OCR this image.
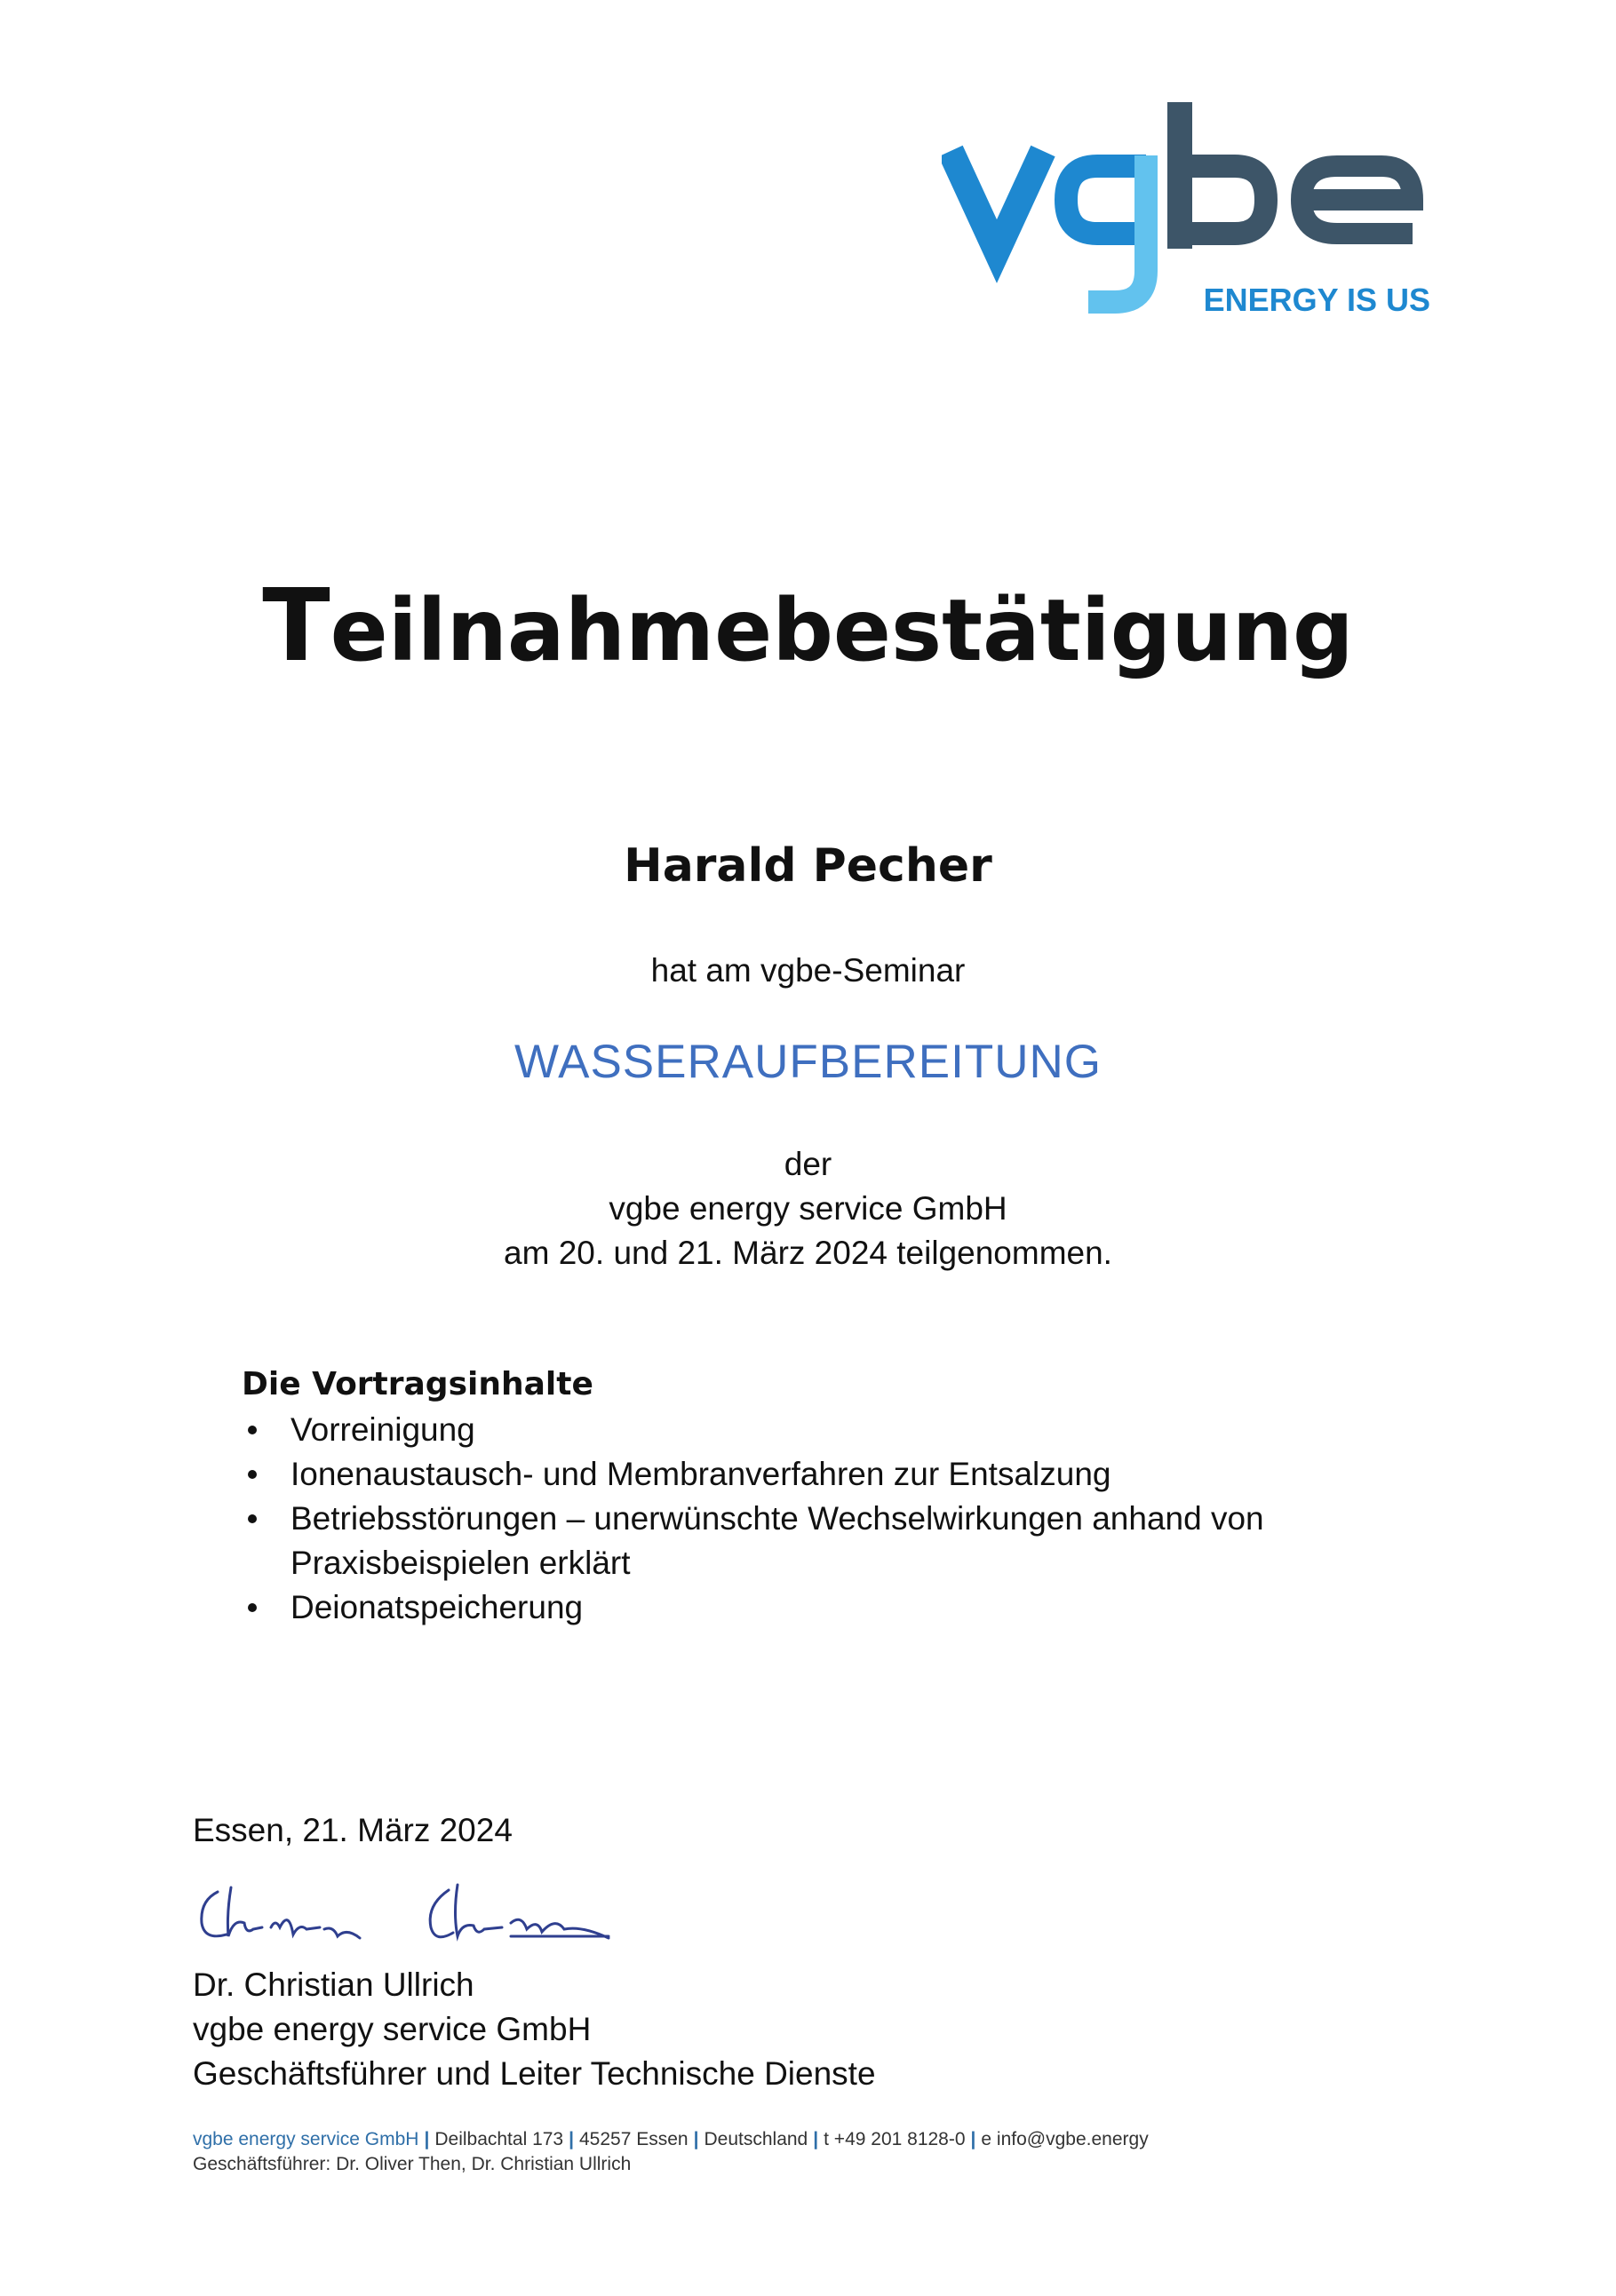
ENERGY IS US
Teilnahmebestätigung
Harald Pecher
hat am vgbe-Seminar
WASSERAUFBEREITUNG
der
vgbe energy service GmbH
am 20. und 21. März 2024 teilgenommen.
Die Vortragsinhalte
Vorreinigung
Ionenaustausch- und Membranverfahren zur Entsalzung
Betriebsstörungen – unerwünschte Wechselwirkungen anhand von
Praxisbeispielen erklärt
Deionatspeicherung
Essen, 21. März 2024
Dr. Christian Ullrich
vgbe energy service GmbH
Geschäftsführer und Leiter Technische Dienste
vgbe energy service GmbH | Deilbachtal 173 | 45257 Essen | Deutschland | t +49 201 8128-0 | e info@vgbe.energy
Geschäftsführer: Dr. Oliver Then, Dr. Christian Ullrich
